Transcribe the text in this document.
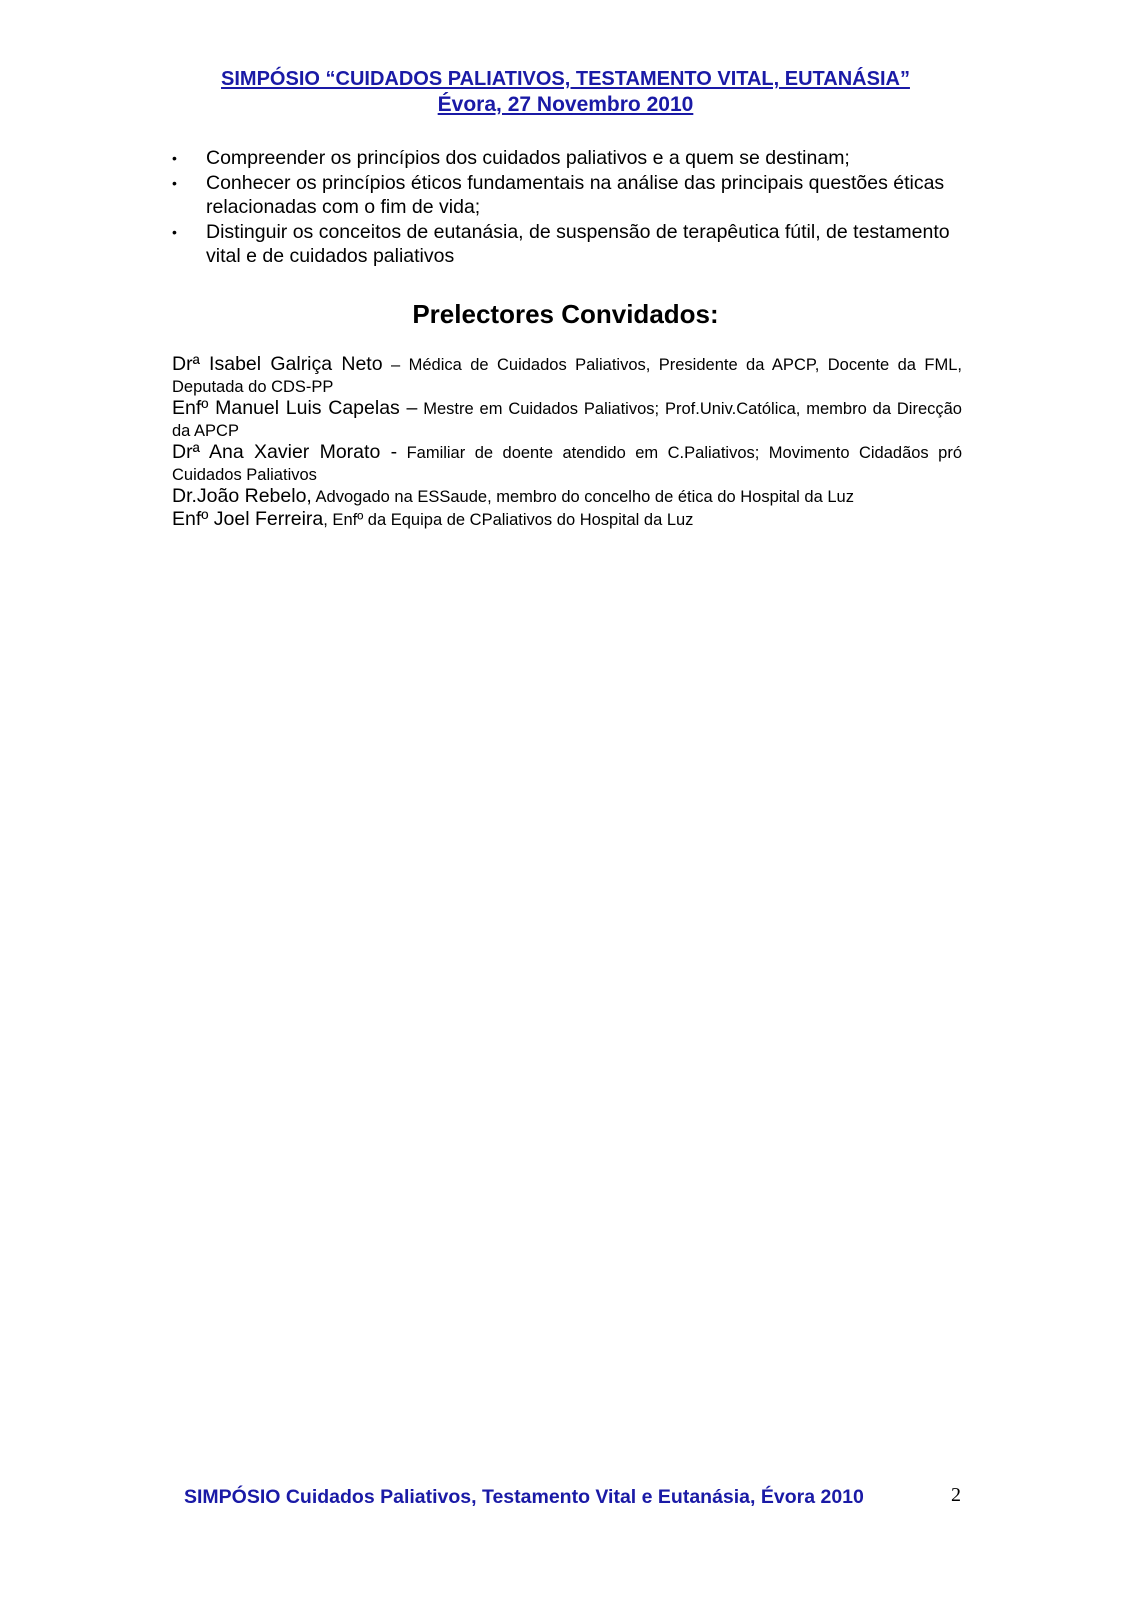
SIMPÓSIO “CUIDADOS PALIATIVOS, TESTAMENTO VITAL, EUTANÁSIA”
Évora, 27 Novembro 2010
•	Compreender os princípios dos cuidados paliativos e a quem se destinam;
•	Conhecer os princípios éticos fundamentais na análise das principais questões éticas relacionadas com o fim de vida;
•	Distinguir os conceitos de eutanásia, de suspensão de terapêutica fútil, de testamento vital e de cuidados paliativos
Prelectores Convidados:
Drª Isabel Galriça Neto – Médica de Cuidados Paliativos, Presidente da APCP, Docente da FML, Deputada do CDS-PP
Enfº Manuel Luis Capelas – Mestre em Cuidados Paliativos; Prof.Univ.Católica, membro da Direcção da APCP
Drª Ana Xavier Morato - Familiar de doente atendido em C.Paliativos; Movimento Cidadãos pró Cuidados Paliativos
Dr.João Rebelo, Advogado na ESSaude, membro do concelho de ética do Hospital da Luz
Enfº Joel Ferreira, Enfº da Equipa de CPaliativos do Hospital da Luz
SIMPÓSIO Cuidados Paliativos, Testamento Vital e Eutanásia, Évora 2010	2
